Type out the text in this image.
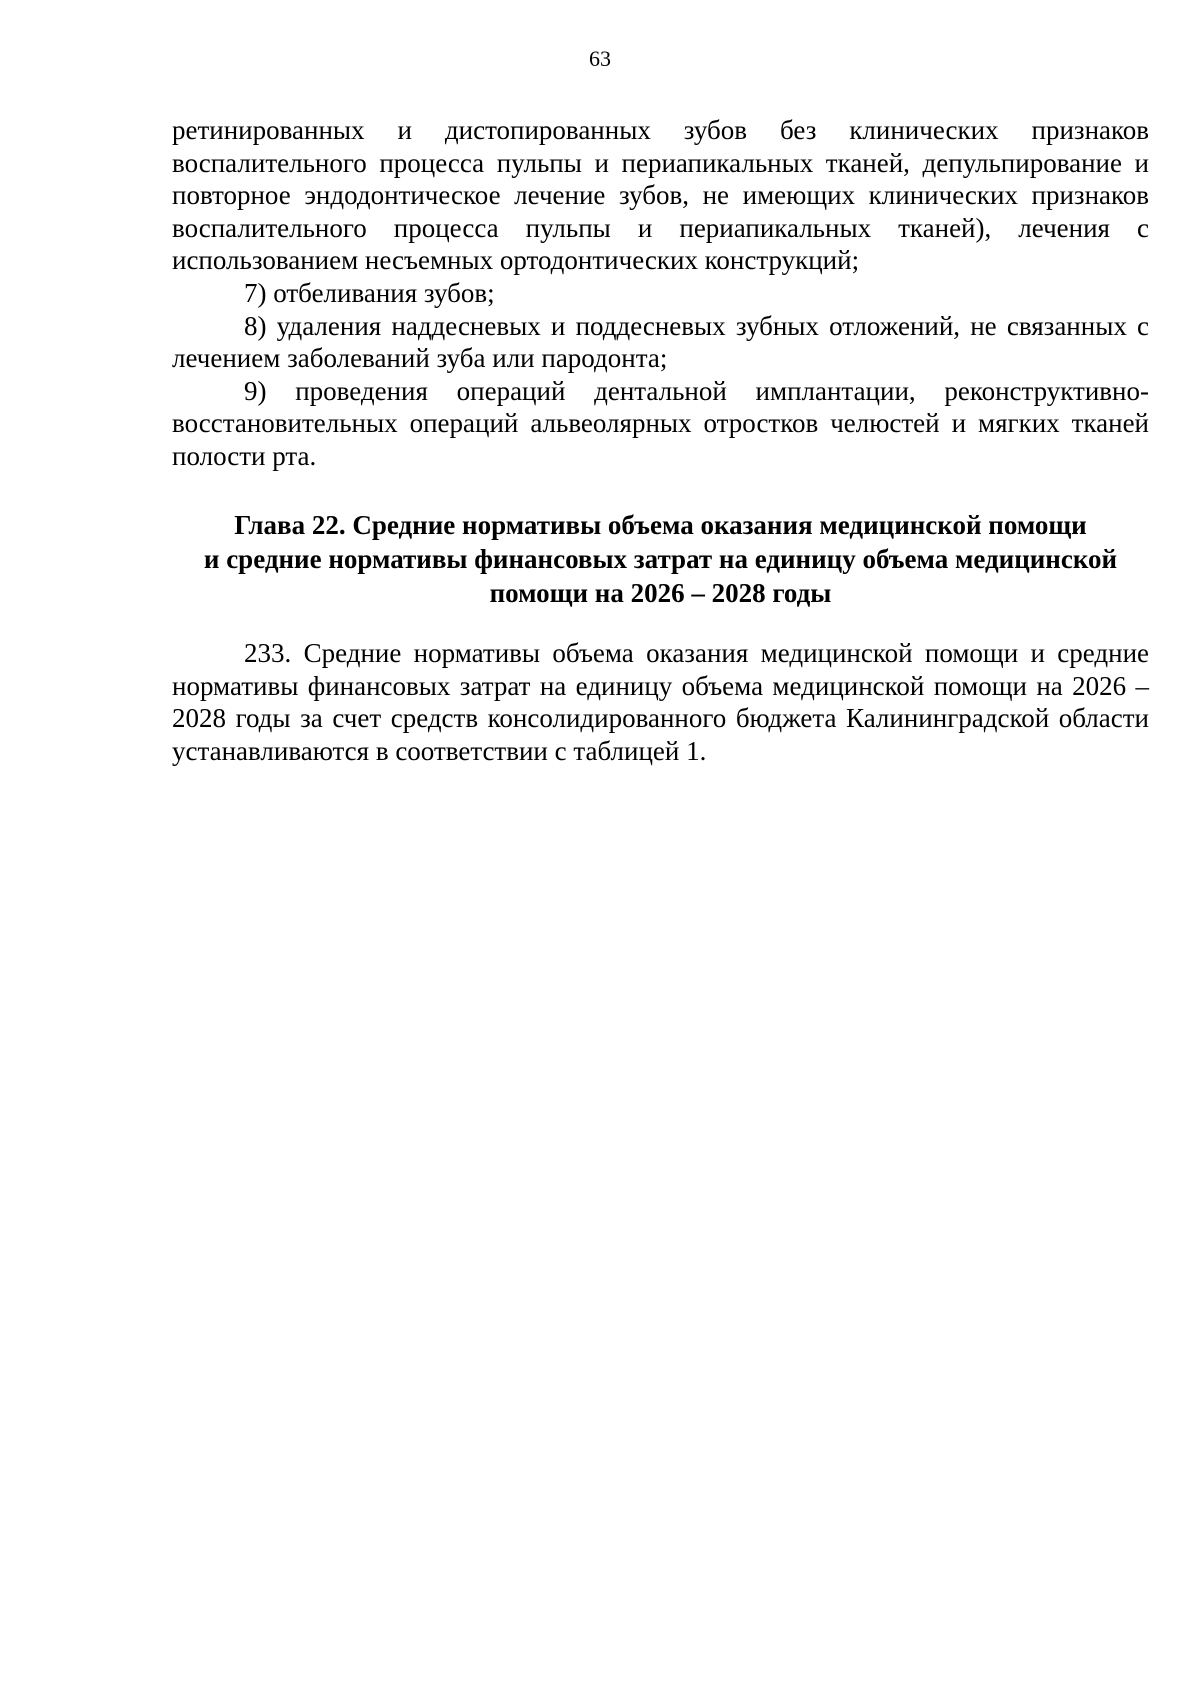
63

ретинированных и дистопированных зубов без клинических признаков воспалительного процесса пульпы и периапикальных тканей, депульпирование и повторное эндодонтическое лечение зубов, не имеющих клинических признаков воспалительного процесса пульпы и периапикальных тканей), лечения с использованием несъемных ортодонтических конструкций;

7) отбеливания зубов;

8) удаления наддесневых и поддесневых зубных отложений, не связанных с лечением заболеваний зуба или пародонта;

9) проведения операций дентальной имплантации, реконструктивно-восстановительных операций альвеолярных отростков челюстей и мягких тканей полости рта.

Глава 22. Средние нормативы объема оказания медицинской помощи
и средние нормативы финансовых затрат на единицу объема медицинской
помощи на 2026 – 2028 годы

233. Средние нормативы объема оказания медицинской помощи и средние нормативы финансовых затрат на единицу объема медицинской помощи на 2026 – 2028 годы за счет средств консолидированного бюджета Калининградской области устанавливаются в соответствии с таблицей 1.
